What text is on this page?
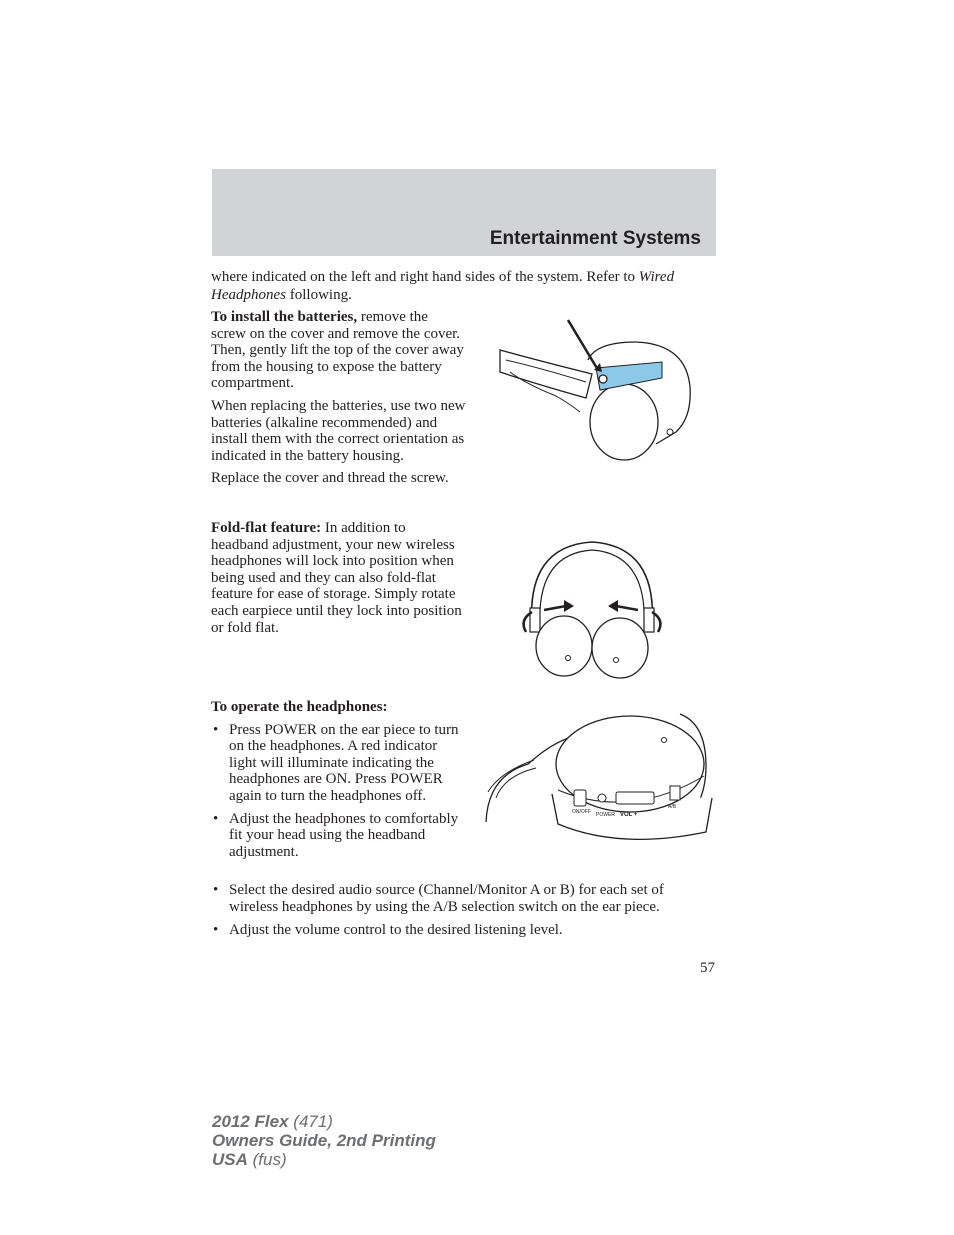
Entertainment Systems
where indicated on the left and right hand sides of the system. Refer to Wired Headphones following.

To install the batteries, remove the screw on the cover and remove the cover. Then, gently lift the top of the cover away from the housing to expose the battery compartment.

When replacing the batteries, use two new batteries (alkaline recommended) and install them with the correct orientation as indicated in the battery housing.

Replace the cover and thread the screw.

Fold-flat feature: In addition to headband adjustment, your new wireless headphones will lock into position when being used and they can also fold-flat feature for ease of storage. Simply rotate each earpiece until they lock into position or fold flat.

To operate the headphones:

• Press POWER on the ear piece to turn on the headphones. A red indicator light will illuminate indicating the headphones are ON. Press POWER again to turn the headphones off.
• Adjust the headphones to comfortably fit your head using the headband adjustment.
• Select the desired audio source (Channel/Monitor A or B) for each set of wireless headphones by using the A/B selection switch on the ear piece.
• Adjust the volume control to the desired listening level.
ON/OFF POWER VOL +
A/B
57
2012 Flex (471)
Owners Guide, 2nd Printing
USA (fus)
